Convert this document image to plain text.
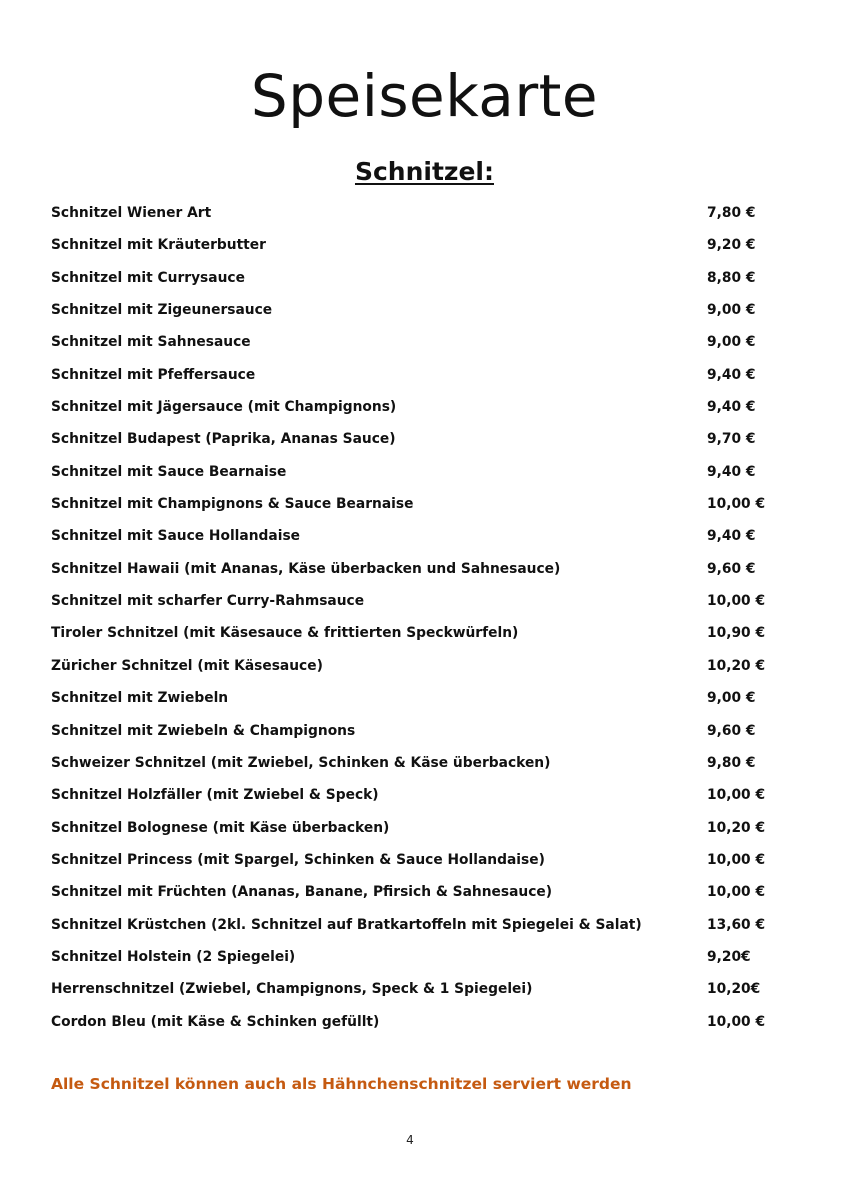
Speisekarte
Schnitzel:
Schnitzel Wiener Art	7,80 €
Schnitzel mit Kräuterbutter	9,20 €
Schnitzel mit Currysauce	8,80 €
Schnitzel mit Zigeunersauce	9,00 €
Schnitzel mit Sahnesauce	9,00 €
Schnitzel mit Pfeffersauce	9,40 €
Schnitzel mit Jägersauce (mit Champignons)	9,40 €
Schnitzel Budapest (Paprika, Ananas Sauce)	9,70 €
Schnitzel mit Sauce Bearnaise	9,40 €
Schnitzel mit Champignons & Sauce Bearnaise	10,00 €
Schnitzel mit Sauce Hollandaise	9,40 €
Schnitzel Hawaii (mit Ananas, Käse überbacken und Sahnesauce)	9,60 €
Schnitzel mit scharfer Curry-Rahmsauce	10,00 €
Tiroler Schnitzel (mit Käsesauce & frittierten Speckwürfeln)	10,90 €
Züricher Schnitzel (mit Käsesauce)	10,20 €
Schnitzel mit Zwiebeln	9,00 €
Schnitzel mit Zwiebeln & Champignons	9,60 €
Schweizer Schnitzel (mit Zwiebel, Schinken & Käse überbacken)	9,80 €
Schnitzel Holzfäller (mit Zwiebel & Speck)	10,00 €
Schnitzel Bolognese (mit Käse überbacken)	10,20 €
Schnitzel Princess (mit Spargel, Schinken & Sauce Hollandaise)	10,00 €
Schnitzel mit Früchten (Ananas, Banane, Pfirsich & Sahnesauce)	10,00 €
Schnitzel Krüstchen (2kl. Schnitzel auf Bratkartoffeln mit Spiegelei & Salat)	13,60 €
Schnitzel Holstein (2 Spiegelei)	9,20€
Herrenschnitzel (Zwiebel, Champignons, Speck & 1 Spiegelei)	10,20€
Cordon Bleu (mit Käse & Schinken gefüllt)	10,00 €

Alle Schnitzel können auch als Hähnchenschnitzel serviert werden

4
